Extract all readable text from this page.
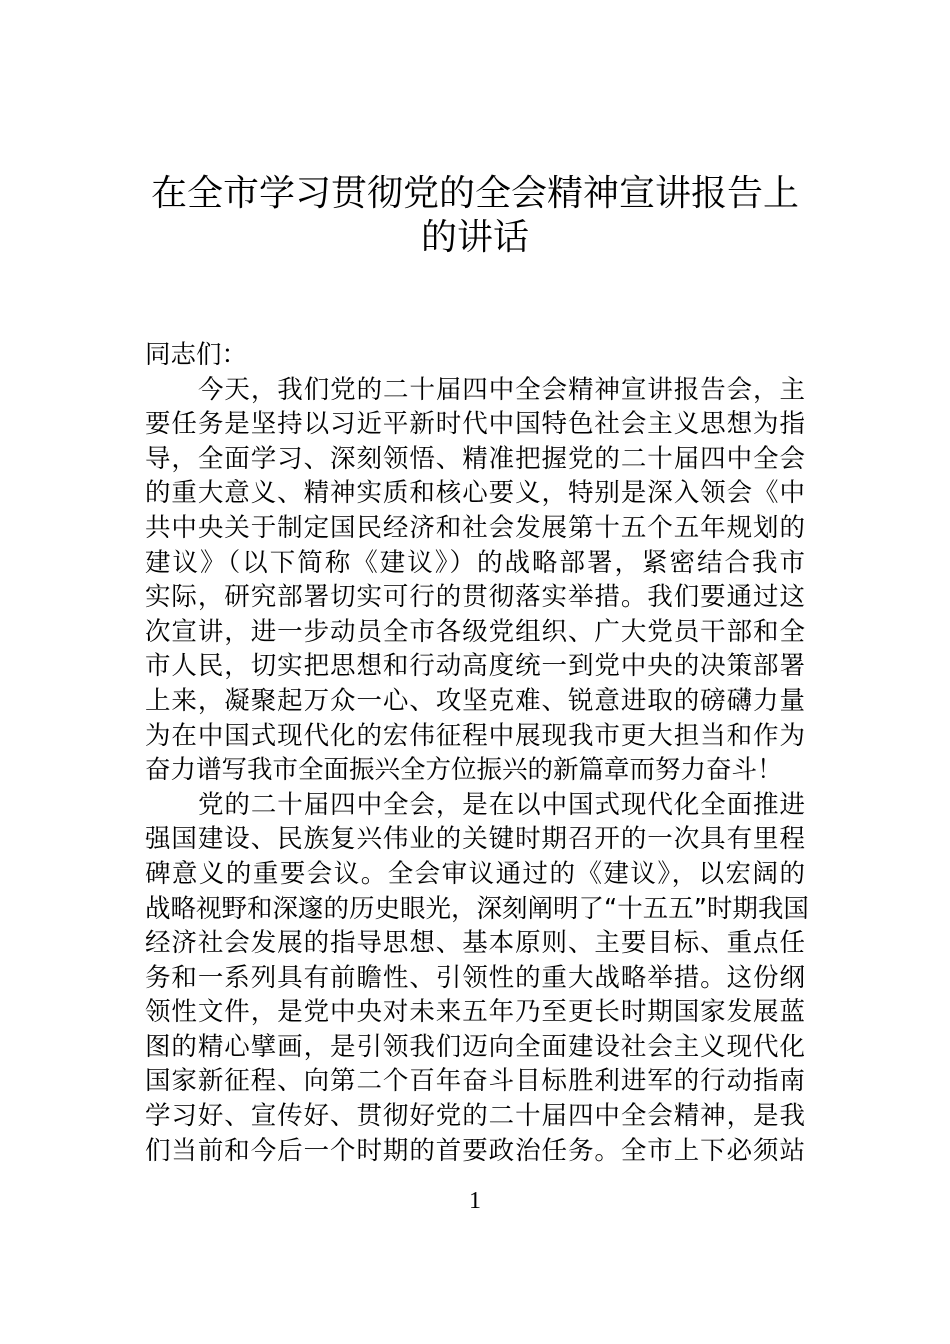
在全市学习贯彻党的全会精神宣讲报告上
的讲话
同志们：
今天，我们党的二十届四中全会精神宣讲报告会，主
要任务是坚持以习近平新时代中国特色社会主义思想为指
导，全面学习、深刻领悟、精准把握党的二十届四中全会
的重大意义、精神实质和核心要义，特别是深入领会《中
共中央关于制定国民经济和社会发展第十五个五年规划的
建议》（以下简称《建议》）的战略部署，紧密结合我市
实际，研究部署切实可行的贯彻落实举措。我们要通过这
次宣讲，进一步动员全市各级党组织、广大党员干部和全
市人民，切实把思想和行动高度统一到党中央的决策部署
上来，凝聚起万众一心、攻坚克难、锐意进取的磅礴力量
为在中国式现代化的宏伟征程中展现我市更大担当和作为
奋力谱写我市全面振兴全方位振兴的新篇章而努力奋斗！
党的二十届四中全会，是在以中国式现代化全面推进
强国建设、民族复兴伟业的关键时期召开的一次具有里程
碑意义的重要会议。全会审议通过的《建议》，以宏阔的
战略视野和深邃的历史眼光，深刻阐明了“十五五”时期我国
经济社会发展的指导思想、基本原则、主要目标、重点任
务和一系列具有前瞻性、引领性的重大战略举措。这份纲
领性文件，是党中央对未来五年乃至更长时期国家发展蓝
图的精心擘画，是引领我们迈向全面建设社会主义现代化
国家新征程、向第二个百年奋斗目标胜利进军的行动指南
学习好、宣传好、贯彻好党的二十届四中全会精神，是我
们当前和今后一个时期的首要政治任务。全市上下必须站
1
